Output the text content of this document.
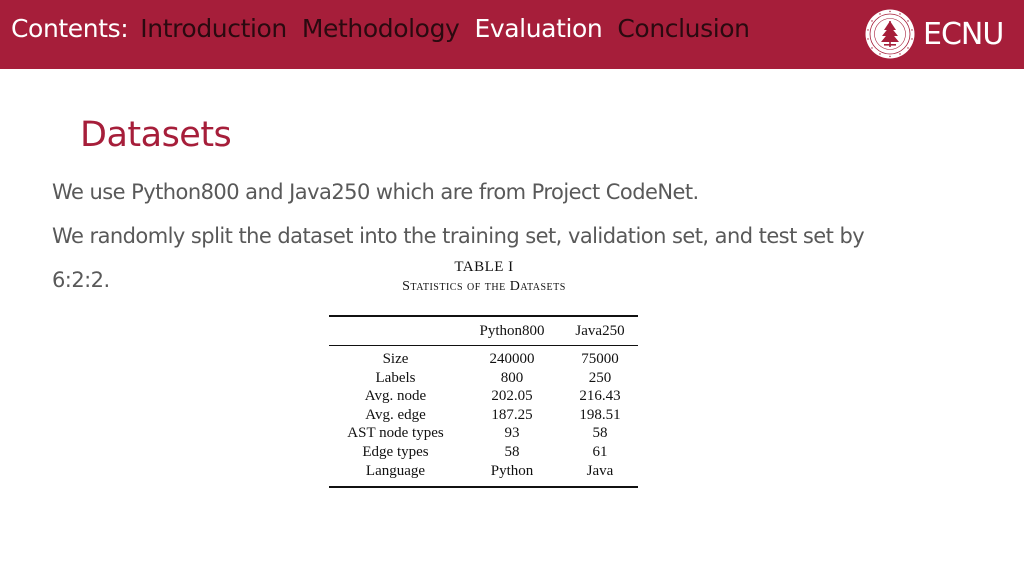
Contents: Introduction Methodology Evaluation Conclusion	ECNU
Datasets
We use Python800 and Java250 which are from Project CodeNet.
We randomly split the dataset into the training set, validation set, and test set by
6:2:2.
TABLE I
Statistics of the Datasets
Python800	Java250
Size
Labels
Avg. node
Avg. edge
AST node types
Edge types
Language
240000
800
202.05
187.25
93
58
Python
75000
250
216.43
198.51
58
61
Java
